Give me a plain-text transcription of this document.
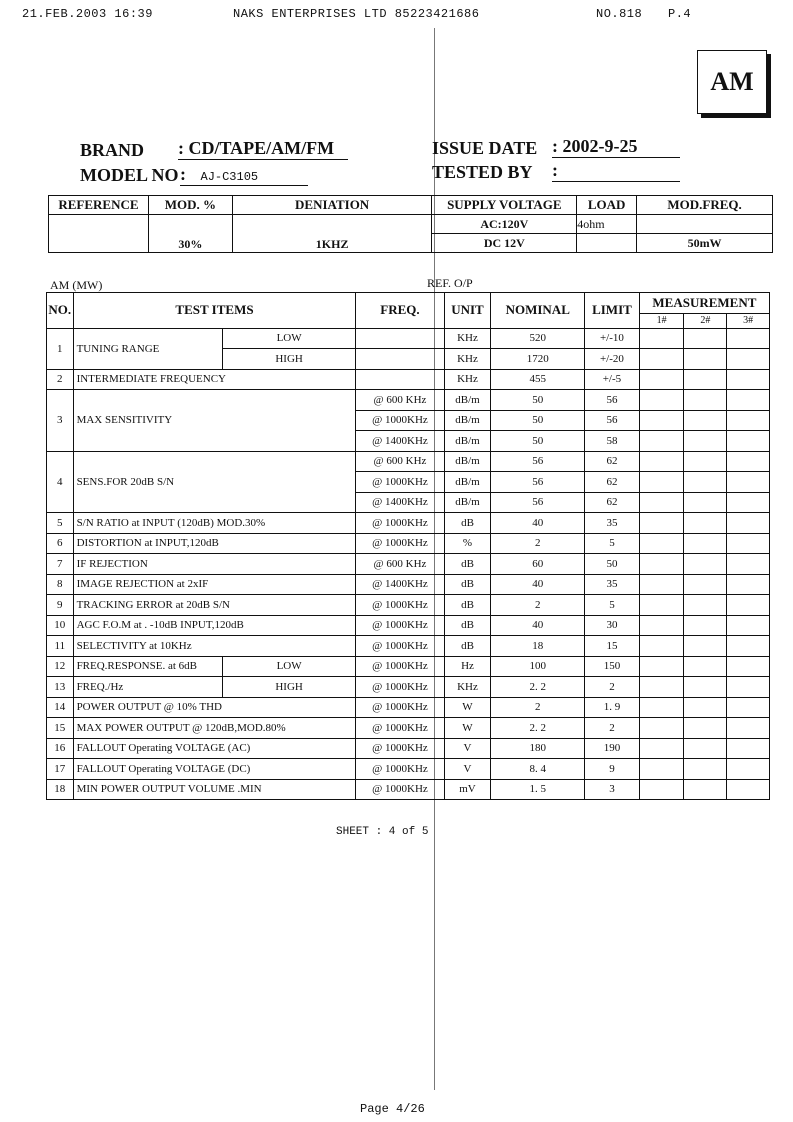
21.FEB.2003 16:39	NAKS ENTERPRISES LTD 85223421686	NO.818 P.4
AM
BRAND : CD/TAPE/AM/FM
MODEL NO : AJ-C3105
ISSUE DATE : 2002-9-25
TESTED BY :
REFERENCE	MOD. %	DENIATION	SUPPLY VOLTAGE	LOAD	MOD.FREQ.
	30%	1KHZ	AC:120V	4ohm	
			DC 12V		50mW
AM (MW)	REF. O/P
NO.	TEST ITEMS		FREQ.	UNIT	NOMINAL	LIMIT	MEASUREMENT		
							1#	2#	3#
1	TUNING RANGE	LOW		KHz	520	+/-10			
		HIGH		KHz	1720	+/-20			
2	INTERMEDIATE FREQUENCY			KHz	455	+/-5			
3	MAX SENSITIVITY		@ 600 KHz	dB/m	50	56			
			@ 1000KHz	dB/m	50	56			
			@ 1400KHz	dB/m	50	58			
4	SENS.FOR 20dB S/N		@ 600 KHz	dB/m	56	62			
			@ 1000KHz	dB/m	56	62			
			@ 1400KHz	dB/m	56	62			
5	S/N RATIO at INPUT (120dB) MOD.30%		@ 1000KHz	dB	40	35			
6	DISTORTION at INPUT,120dB		@ 1000KHz	%	2	5			
7	IF REJECTION		@ 600 KHz	dB	60	50			
8	IMAGE REJECTION at 2xIF		@ 1400KHz	dB	40	35			
9	TRACKING ERROR at 20dB S/N		@ 1000KHz	dB	2	5			
10	AGC F.O.M at . -10dB INPUT,120dB		@ 1000KHz	dB	40	30			
11	SELECTIVITY at 10KHz		@ 1000KHz	dB	18	15			
12	FREQ.RESPONSE. at 6dB	LOW	@ 1000KHz	Hz	100	150			
13	FREQ./Hz	HIGH	@ 1000KHz	KHz	2. 2	2			
14	POWER OUTPUT @ 10% THD		@ 1000KHz	W	2	1. 9			
15	MAX POWER OUTPUT @ 120dB,MOD.80%		@ 1000KHz	W	2. 2	2			
16	FALLOUT Operating VOLTAGE (AC)		@ 1000KHz	V	180	190			
17	FALLOUT Operating VOLTAGE (DC)		@ 1000KHz	V	8. 4	9			
18	MIN POWER OUTPUT VOLUME .MIN		@ 1000KHz	mV	1. 5	3			
SHEET : 4 of 5
Page 4/26
